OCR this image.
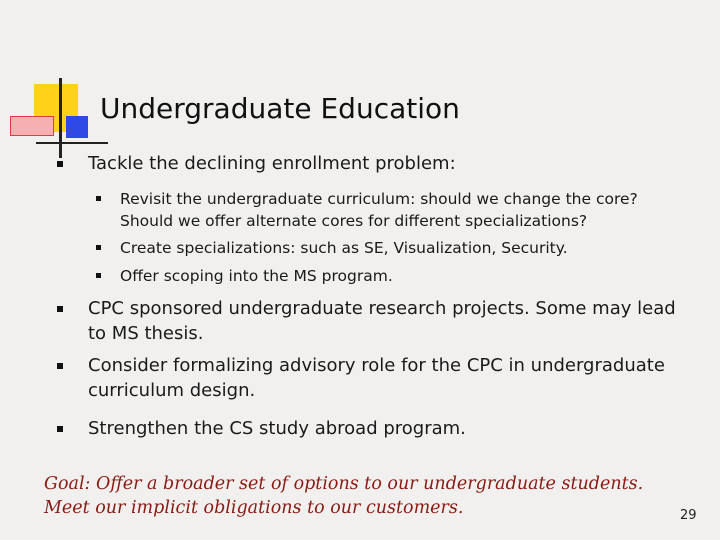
Undergraduate Education
Tackle the declining enrollment problem:
Revisit the undergraduate curriculum: should we change the core? Should we offer alternate cores for different specializations?
Create specializations: such as SE, Visualization, Security.
Offer scoping into the MS program.
CPC sponsored undergraduate research projects. Some may lead to MS thesis.
Consider formalizing advisory role for the CPC in undergraduate curriculum design.
Strengthen the CS study abroad program.
Goal: Offer a broader set of options to our undergraduate students.
Meet our implicit obligations to our customers.	29
